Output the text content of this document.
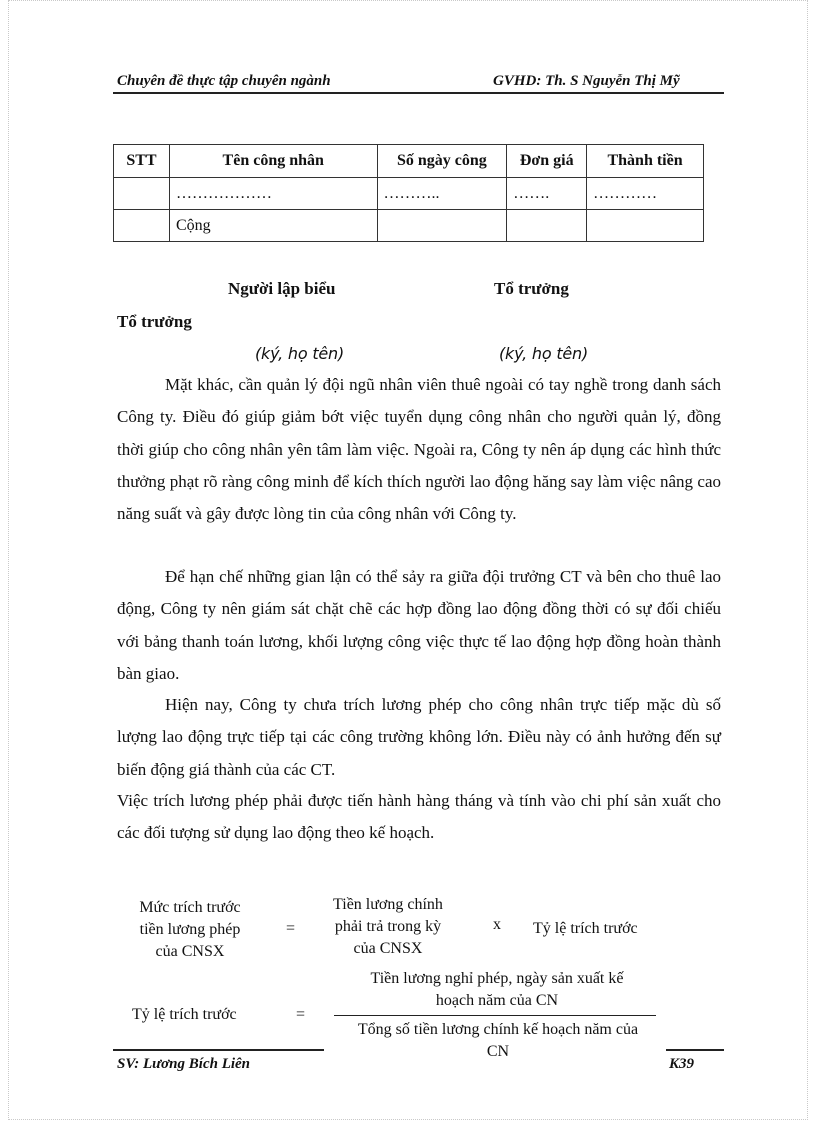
Chuyên đề thực tập chuyên ngành	GVHD: Th. S Nguyễn Thị Mỹ
STT	Tên công nhân	Số ngày công	Đơn giá	Thành tiền
	………………	………..	…….	…………
	Cộng			
Người lập biểu	Tổ trưởng
Tổ trưởng
(ký, họ tên)	(ký, họ tên)

Mặt khác, cần quản lý đội ngũ nhân viên thuê ngoài có tay nghề trong danh sách Công ty. Điều đó giúp giảm bớt việc tuyển dụng công nhân cho người quản lý, đồng thời giúp cho công nhân yên tâm làm việc. Ngoài ra, Công ty nên áp dụng các hình thức thưởng phạt rõ ràng công minh để kích thích người lao động hăng say làm việc nâng cao năng suất và gây được lòng tin của công nhân với Công ty.

Để hạn chế những gian lận có thể sảy ra giữa đội trưởng CT và bên cho thuê lao động, Công ty nên giám sát chặt chẽ các hợp đồng lao động đồng thời có sự đối chiếu với bảng thanh toán lương, khối lượng công việc thực tế lao động hợp đồng hoàn thành bàn giao.

Hiện nay, Công ty chưa trích lương phép cho công nhân trực tiếp mặc dù số lượng lao động trực tiếp tại các công trường không lớn. Điều này có ảnh hưởng đến sự biến động giá thành của các CT.

Việc trích lương phép phải được tiến hành hàng tháng và tính vào chi phí sản xuất cho các đối tượng sử dụng lao động theo kế hoạch.

Mức trích trước
tiền lương phép
của CNSX
=
Tiền lương chính
phải trả trong kỳ
của CNSX
x Tỷ lệ trích trước
Tỷ lệ trích trước	=
Tiền lương nghỉ phép, ngày sản xuất kế
hoạch năm của CN
Tổng số tiền lương chính kế hoạch năm của
CN
SV: Lương Bích Liên	K39
